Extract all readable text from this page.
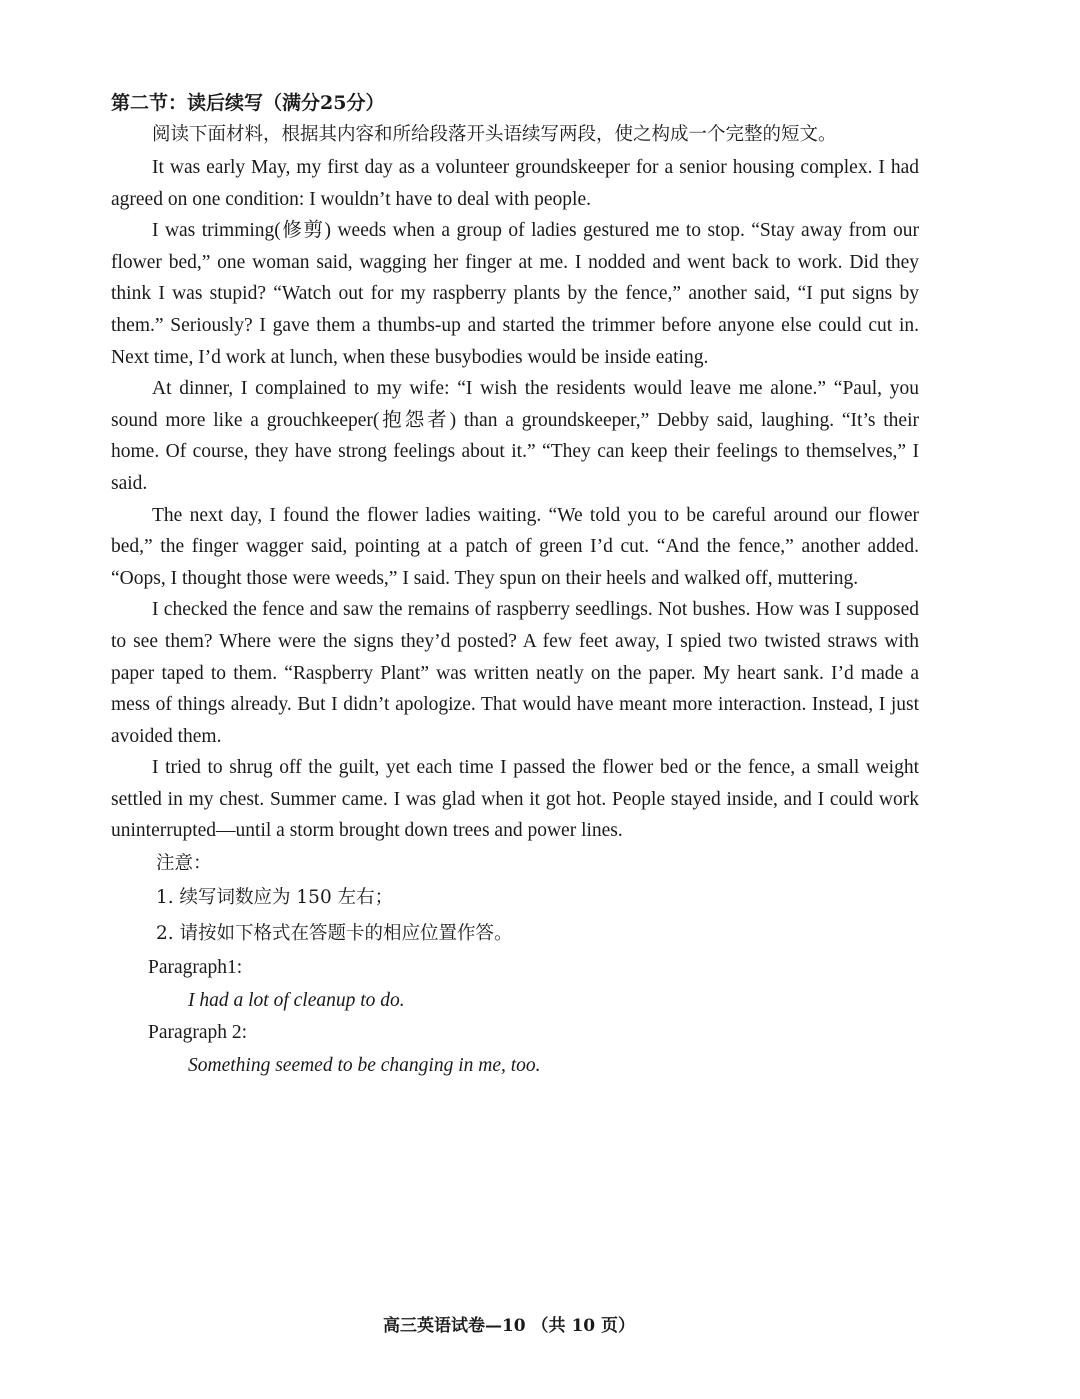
第二节：读后续写（满分25分）

阅读下面材料，根据其内容和所给段落开头语续写两段，使之构成一个完整的短文。

It was early May, my first day as a volunteer groundskeeper for a senior housing complex. I had agreed on one condition: I wouldn’t have to deal with people.

I was trimming(修剪) weeds when a group of ladies gestured me to stop. “Stay away from our flower bed,” one woman said, wagging her finger at me. I nodded and went back to work. Did they think I was stupid? “Watch out for my raspberry plants by the fence,” another said, “I put signs by them.” Seriously? I gave them a thumbs-up and started the trimmer before anyone else could cut in. Next time, I’d work at lunch, when these busybodies would be inside eating.

At dinner, I complained to my wife: “I wish the residents would leave me alone.” “Paul, you sound more like a grouchkeeper(抱怨者) than a groundskeeper,” Debby said, laughing. “It’s their home. Of course, they have strong feelings about it.” “They can keep their feelings to themselves,” I said.

The next day, I found the flower ladies waiting. “We told you to be careful around our flower bed,” the finger wagger said, pointing at a patch of green I’d cut. “And the fence,” another added. “Oops, I thought those were weeds,” I said. They spun on their heels and walked off, muttering.

I checked the fence and saw the remains of raspberry seedlings. Not bushes. How was I supposed to see them? Where were the signs they’d posted? A few feet away, I spied two twisted straws with paper taped to them. “Raspberry Plant” was written neatly on the paper. My heart sank. I’d made a mess of things already. But I didn’t apologize. That would have meant more interaction. Instead, I just avoided them.

I tried to shrug off the guilt, yet each time I passed the flower bed or the fence, a small weight settled in my chest. Summer came. I was glad when it got hot. People stayed inside, and I could work uninterrupted—until a storm brought down trees and power lines.

注意：

1. 续写词数应为 150 左右；

2. 请按如下格式在答题卡的相应位置作答。

Paragraph1:

I had a lot of cleanup to do.

Paragraph 2:

Something seemed to be changing in me, too.

高三英语试卷—10 （共 10 页）
